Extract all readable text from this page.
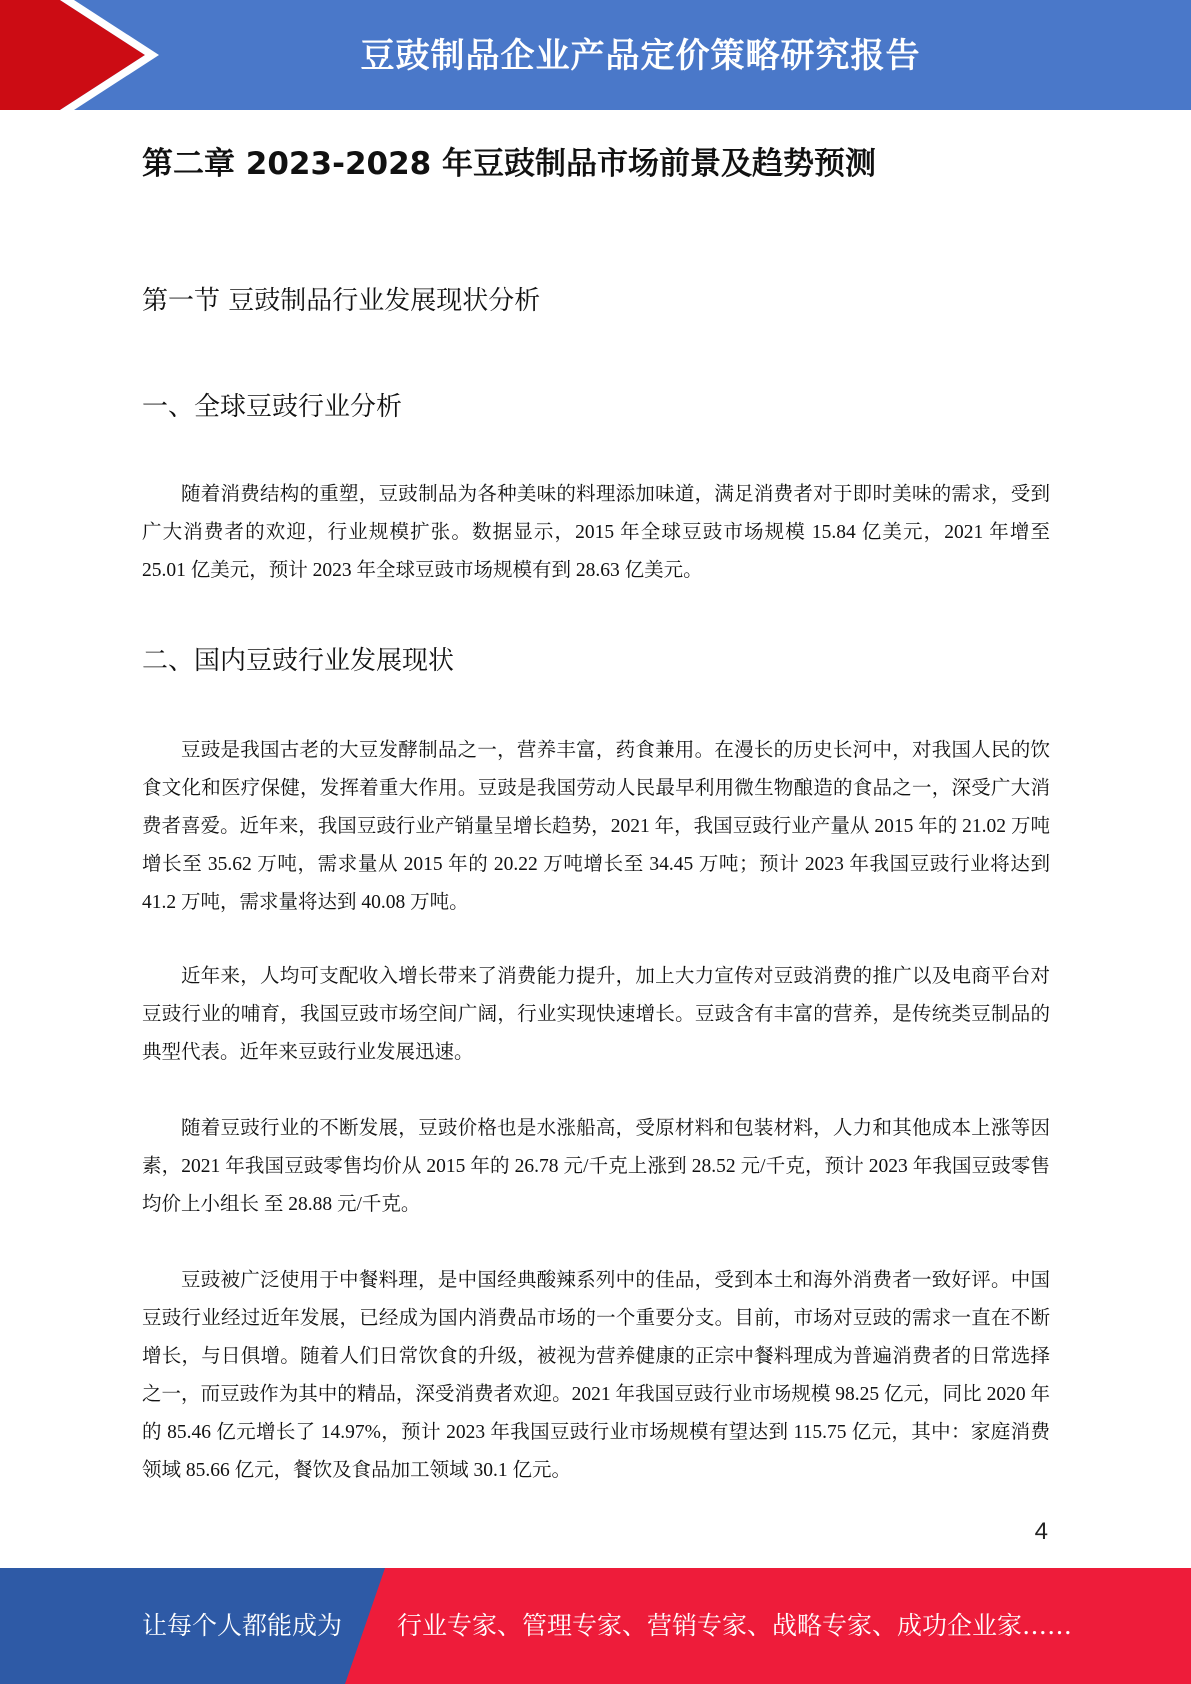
豆豉制品企业产品定价策略研究报告
第二章 2023-2028 年豆豉制品市场前景及趋势预测
第一节 豆豉制品行业发展现状分析
一、全球豆豉行业分析

随着消费结构的重塑，豆豉制品为各种美味的料理添加味道，满足消费者对于即时美味的需求，受到广大消费者的欢迎，行业规模扩张。数据显示，2015 年全球豆豉市场规模 15.84 亿美元，2021 年增至 25.01 亿美元，预计 2023 年全球豆豉市场规模有到 28.63 亿美元。

二、国内豆豉行业发展现状

豆豉是我国古老的大豆发酵制品之一，营养丰富，药食兼用。在漫长的历史长河中，对我国人民的饮食文化和医疗保健，发挥着重大作用。豆豉是我国劳动人民最早利用微生物酿造的食品之一，深受广大消费者喜爱。近年来，我国豆豉行业产销量呈增长趋势，2021 年，我国豆豉行业产量从 2015 年的 21.02 万吨增长至 35.62 万吨，需求量从 2015 年的 20.22 万吨增长至 34.45 万吨；预计 2023 年我国豆豉行业将达到 41.2 万吨，需求量将达到 40.08 万吨。

近年来，人均可支配收入增长带来了消费能力提升，加上大力宣传对豆豉消费的推广以及电商平台对豆豉行业的哺育，我国豆豉市场空间广阔，行业实现快速增长。豆豉含有丰富的营养，是传统类豆制品的典型代表。近年来豆豉行业发展迅速。

随着豆豉行业的不断发展，豆豉价格也是水涨船高，受原材料和包装材料，人力和其他成本上涨等因素，2021 年我国豆豉零售均价从 2015 年的 26.78 元/千克上涨到 28.52 元/千克，预计 2023 年我国豆豉零售均价上小组长 至 28.88 元/千克。

豆豉被广泛使用于中餐料理，是中国经典酸辣系列中的佳品，受到本土和海外消费者一致好评。中国豆豉行业经过近年发展，已经成为国内消费品市场的一个重要分支。目前，市场对豆豉的需求一直在不断增长，与日俱增。随着人们日常饮食的升级，被视为营养健康的正宗中餐料理成为普遍消费者的日常选择之一，而豆豉作为其中的精品，深受消费者欢迎。2021 年我国豆豉行业市场规模 98.25 亿元，同比 2020 年的 85.46 亿元增长了 14.97%，预计 2023 年我国豆豉行业市场规模有望达到 115.75 亿元，其中：家庭消费领域 85.66 亿元，餐饮及食品加工领域 30.1 亿元。

4
让每个人都能成为 行业专家、管理专家、营销专家、战略专家、成功企业家……
